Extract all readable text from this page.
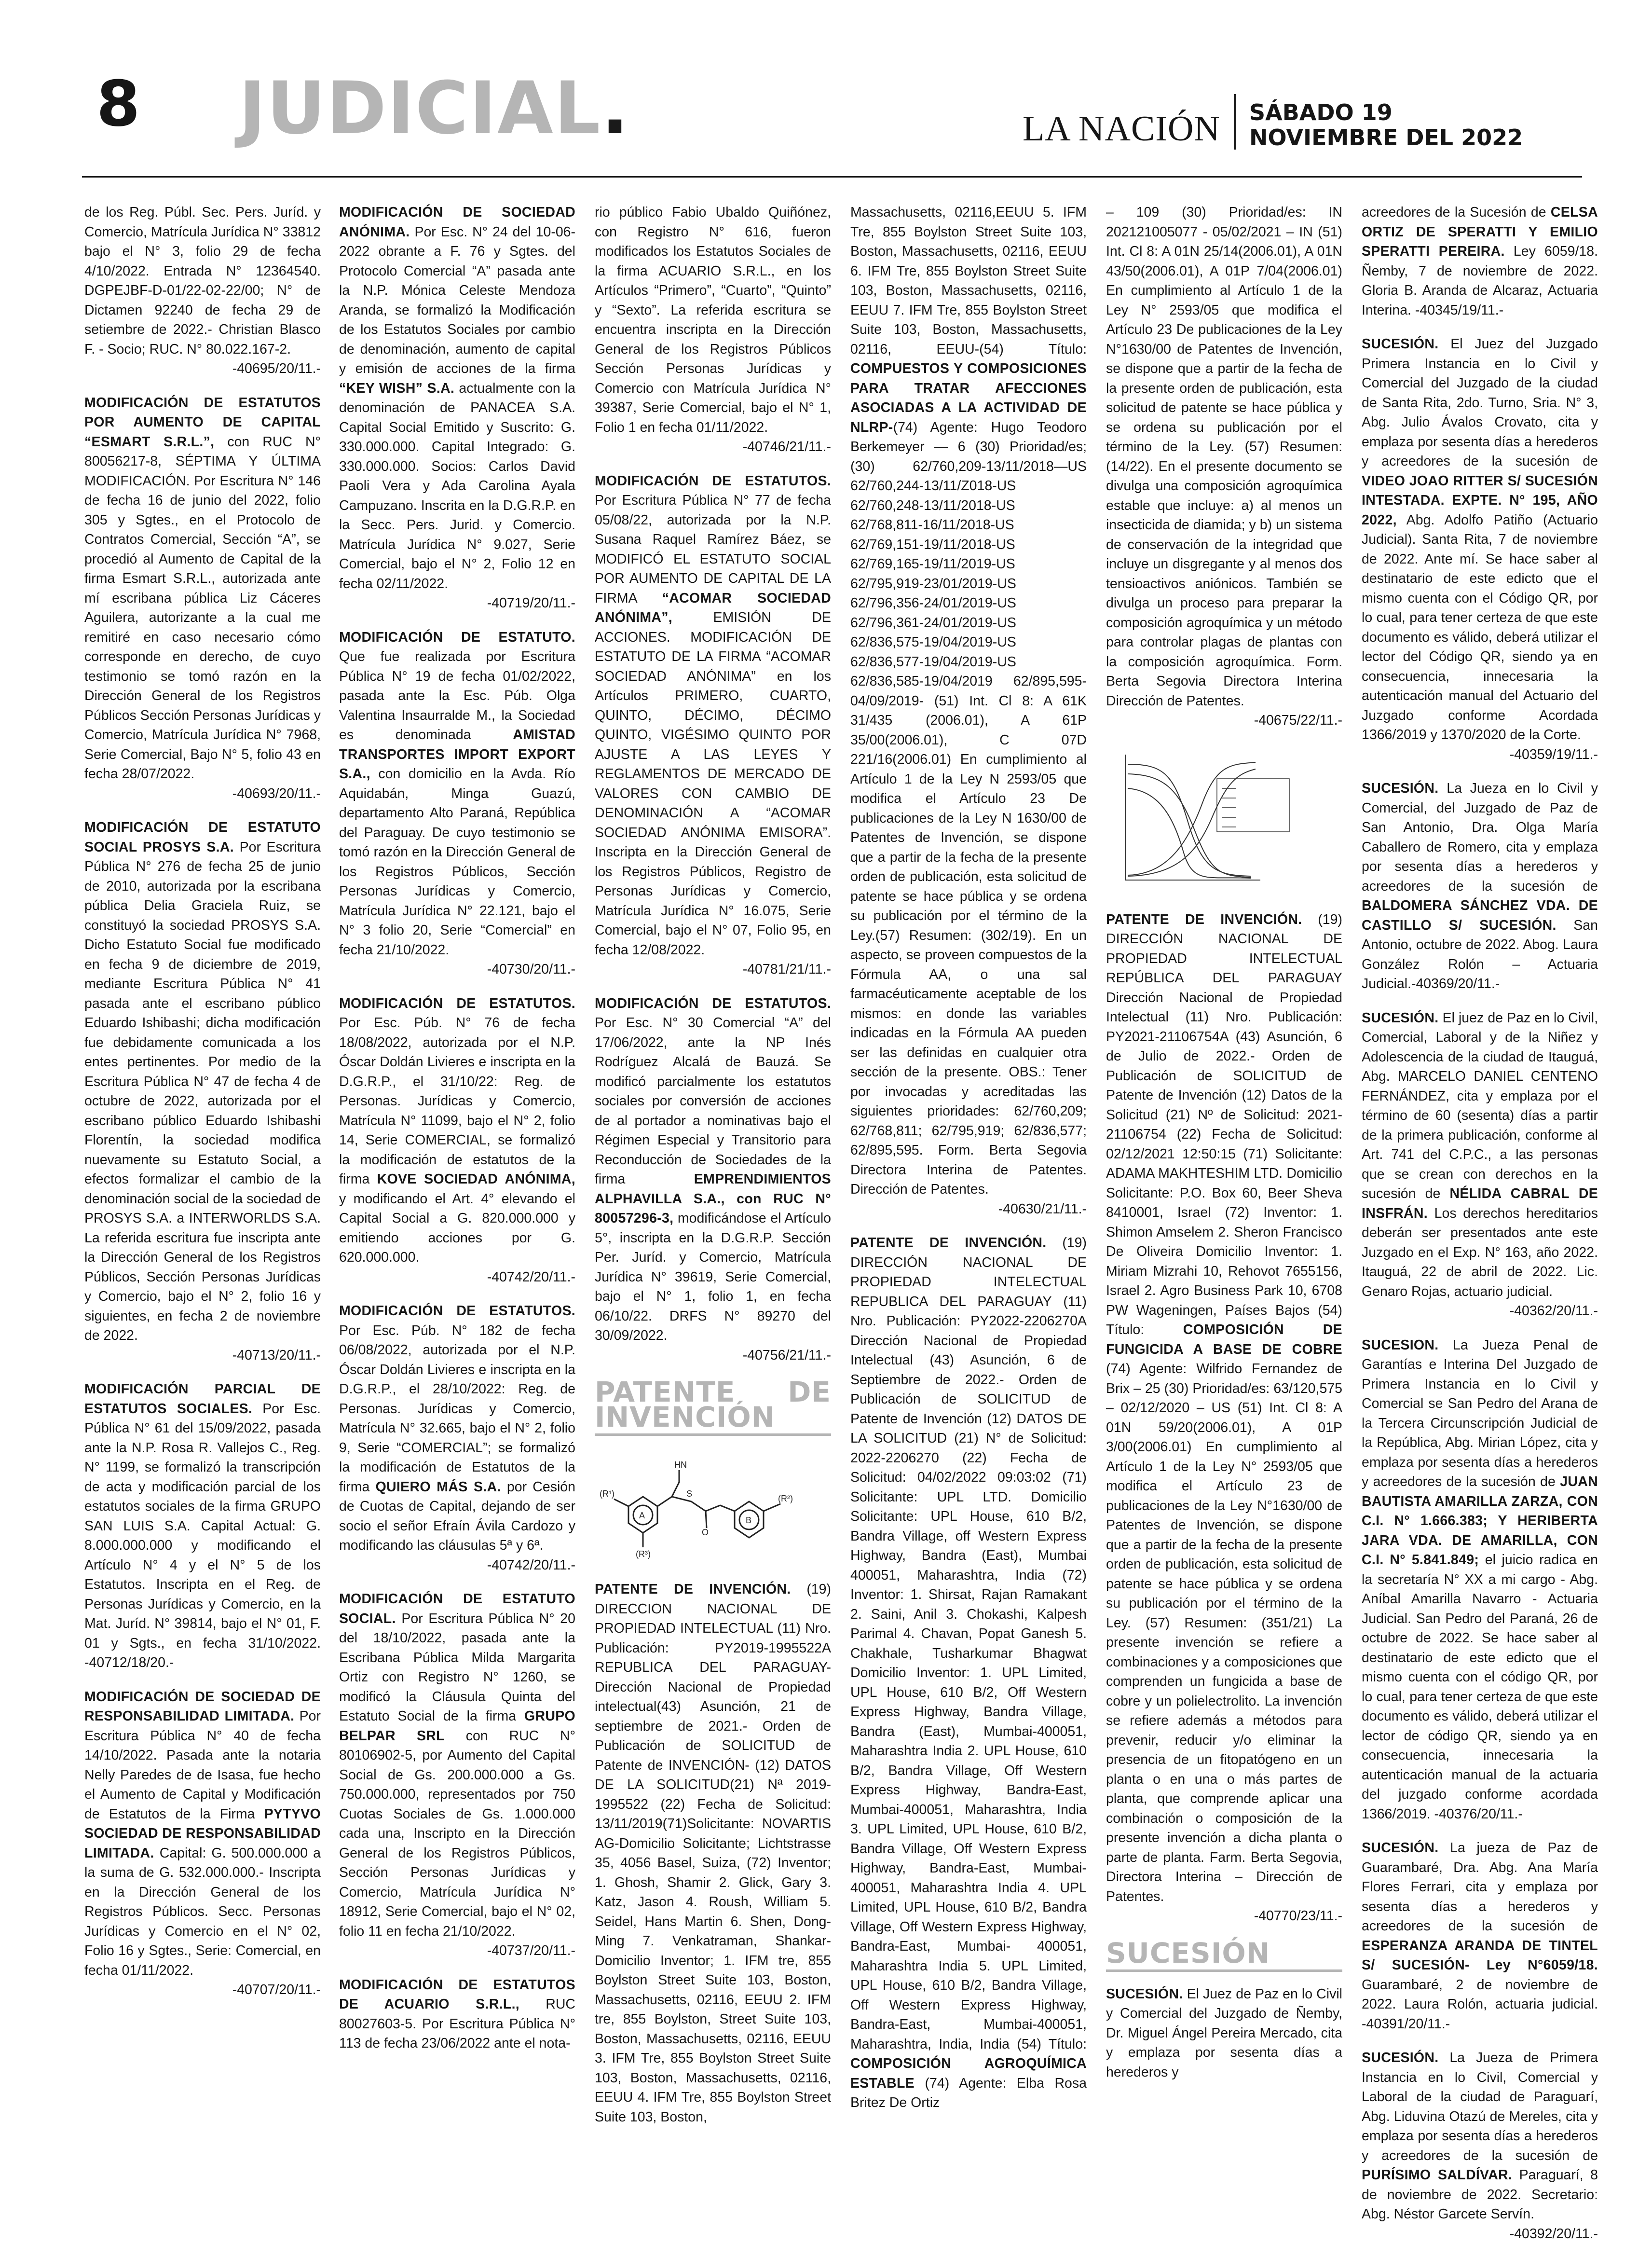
8 JUDICIAL.	LA NACIÓN SÁBADO 19
NOVIEMBRE DEL 2022

de los Reg. Públ. Sec. Pers. Juríd. y Comercio, Matrícula Jurídica N° 33812 bajo el N° 3, folio 29 de fecha 4/10/2022. Entrada N° 12364540. DGPEJBF-D-01/22-02-22/00; N° de Dictamen 92240 de fecha 29 de setiembre de 2022.- Christian Blasco F. - Socio; RUC. N° 80.022.167-2.
-40695/20/11.-

MODIFICACIÓN DE ESTATUTOS POR AUMENTO DE CAPITAL “ESMART S.R.L.”, con RUC N° 80056217-8, SÉPTIMA Y ÚLTIMA MODIFICACIÓN. Por Escritura N° 146 de fecha 16 de junio del 2022, folio 305 y Sgtes., en el Protocolo de Contratos Comercial, Sección “A”, se procedió al Aumento de Capital de la firma Esmart S.R.L., autorizada ante mí escribana pública Liz Cáceres Aguilera, autorizante a la cual me remitiré en caso necesario cómo corresponde en derecho, de cuyo testimonio se tomó razón en la Dirección General de los Registros Públicos Sección Personas Jurídicas y Comercio, Matrícula Jurídica N° 7968, Serie Comercial, Bajo N° 5, folio 43 en fecha 28/07/2022.
-40693/20/11.-

MODIFICACIÓN DE ESTATUTO SOCIAL PROSYS S.A. Por Escritura Pública N° 276 de fecha 25 de junio de 2010, autorizada por la escribana pública Delia Graciela Ruiz, se constituyó la sociedad PROSYS S.A. Dicho Estatuto Social fue modificado en fecha 9 de diciembre de 2019, mediante Escritura Pública N° 41 pasada ante el escribano público Eduardo Ishibashi; dicha modificación fue debidamente comunicada a los entes pertinentes. Por medio de la Escritura Pública N° 47 de fecha 4 de octubre de 2022, autorizada por el escribano público Eduardo Ishibashi Florentín, la sociedad modifica nuevamente su Estatuto Social, a efectos formalizar el cambio de la denominación social de la sociedad de PROSYS S.A. a INTERWORLDS S.A. La referida escritura fue inscripta ante la Dirección General de los Registros Públicos, Sección Personas Jurídicas y Comercio, bajo el N° 2, folio 16 y siguientes, en fecha 2 de noviembre de 2022.
-40713/20/11.-

MODIFICACIÓN PARCIAL DE ESTATUTOS SOCIALES. Por Esc. Pública N° 61 del 15/09/2022, pasada ante la N.P. Rosa R. Vallejos C., Reg. N° 1199, se formalizó la transcripción de acta y modificación parcial de los estatutos sociales de la firma GRUPO SAN LUIS S.A. Capital Actual: G. 8.000.000.000 y modificando el Artículo N° 4 y el N° 5 de los Estatutos. Inscripta en el Reg. de Personas Jurídicas y Comercio, en la Mat. Juríd. N° 39814, bajo el N° 01, F. 01 y Sgts., en fecha 31/10/2022. -40712/18/20.-

MODIFICACIÓN DE SOCIEDAD DE RESPONSABILIDAD LIMITADA. Por Escritura Pública N° 40 de fecha 14/10/2022. Pasada ante la notaria Nelly Paredes de de Isasa, fue hecho el Aumento de Capital y Modificación de Estatutos de la Firma PYTYVO SOCIEDAD DE RESPONSABILIDAD LIMITADA. Capital: G. 500.000.000 a la suma de G. 532.000.000.- Inscripta en la Dirección General de los Registros Públicos. Secc. Personas Jurídicas y Comercio en el N° 02, Folio 16 y Sgtes., Serie: Comercial, en fecha 01/11/2022.
-40707/20/11.-

MODIFICACIÓN DE SOCIEDAD ANÓNIMA. Por Esc. N° 24 del 10-06-2022 obrante a F. 76 y Sgtes. del Protocolo Comercial “A” pasada ante la N.P. Mónica Celeste Mendoza Aranda, se formalizó la Modificación de los Estatutos Sociales por cambio de denominación, aumento de capital y emisión de acciones de la firma “KEY WISH” S.A. actualmente con la denominación de PANACEA S.A. Capital Social Emitido y Suscrito: G. 330.000.000. Capital Integrado: G. 330.000.000. Socios: Carlos David Paoli Vera y Ada Carolina Ayala Campuzano. Inscrita en la D.G.R.P. en la Secc. Pers. Jurid. y Comercio. Matrícula Jurídica N° 9.027, Serie Comercial, bajo el N° 2, Folio 12 en fecha 02/11/2022.
-40719/20/11.-

MODIFICACIÓN DE ESTATUTO. Que fue realizada por Escritura Pública N° 19 de fecha 01/02/2022, pasada ante la Esc. Púb. Olga Valentina Insaurralde M., la Sociedad es denominada	AMISTAD TRANSPORTES IMPORT EXPORT S.A., con domicilio en la Avda. Río Aquidabán, Minga Guazú, departamento Alto Paraná, República del Paraguay. De cuyo testimonio se tomó razón en la Dirección General de los Registros Públicos, Sección Personas Jurídicas y Comercio, Matrícula Jurídica N° 22.121, bajo el N° 3 folio 20, Serie “Comercial” en fecha 21/10/2022.
-40730/20/11.-

MODIFICACIÓN DE ESTATUTOS. Por Esc. Púb. N° 76 de fecha 18/08/2022, autorizada por el N.P. Óscar Doldán Livieres e inscripta en la D.G.R.P., el 31/10/22: Reg. de Personas. Jurídicas y Comercio, Matrícula N° 11099, bajo el N° 2, folio 14, Serie COMERCIAL, se formalizó la modificación de estatutos de la firma KOVE SOCIEDAD ANÓNIMA, y modificando el Art. 4° elevando el Capital Social a G. 820.000.000 y emitiendo acciones por G. 620.000.000.
-40742/20/11.-

MODIFICACIÓN DE ESTATUTOS. Por Esc. Púb. N° 182 de fecha 06/08/2022, autorizada por el N.P. Óscar Doldán Livieres e inscripta en la D.G.R.P., el 28/10/2022: Reg. de Personas. Jurídicas y Comercio, Matrícula N° 32.665, bajo el N° 2, folio 9, Serie “COMERCIAL”; se formalizó la modificación de Estatutos de la firma QUIERO MÁS S.A. por Cesión de Cuotas de Capital, dejando de ser socio el señor Efraín Ávila Cardozo y modificando las cláusulas 5ª y 6ª.
-40742/20/11.-

MODIFICACIÓN DE ESTATUTO SOCIAL. Por Escritura Pública N° 20 del 18/10/2022, pasada ante la Escribana Pública Milda Margarita Ortiz con Registro N° 1260, se modificó la Cláusula Quinta del Estatuto Social de la firma GRUPO BELPAR SRL con RUC N° 80106902-5, por Aumento del Capital Social de Gs. 200.000.000 a Gs. 750.000.000, representados por 750 Cuotas Sociales de Gs. 1.000.000 cada una, Inscripto en la Dirección General de los Registros Públicos, Sección Personas Jurídicas y Comercio, Matrícula Jurídica N° 18912, Serie Comercial, bajo el N° 02, folio 11 en fecha 21/10/2022.
-40737/20/11.-

MODIFICACIÓN DE ESTATUTOS DE ACUARIO S.R.L., RUC 80027603-5. Por Escritura Pública N° 113 de fecha 23/06/2022 ante el nota-

rio público Fabio Ubaldo Quiñónez, con Registro N° 616, fueron modificados los Estatutos Sociales de la firma ACUARIO S.R.L., en los Artículos “Primero”, “Cuarto”, “Quinto” y “Sexto”. La referida escritura se encuentra inscripta en la Dirección General de los Registros Públicos Sección Personas Jurídicas y Comercio con Matrícula Jurídica N° 39387, Serie Comercial, bajo el N° 1, Folio 1 en fecha 01/11/2022.
-40746/21/11.-

MODIFICACIÓN DE ESTATUTOS. Por Escritura Pública N° 77 de fecha 05/08/22, autorizada por la N.P. Susana Raquel Ramírez Báez, se MODIFICÓ EL ESTATUTO SOCIAL POR AUMENTO DE CAPITAL DE LA FIRMA “ACOMAR SOCIEDAD ANÓNIMA”,	EMISIÓN DE ACCIONES. MODIFICACIÓN DE ESTATUTO DE LA FIRMA “ACOMAR SOCIEDAD ANÓNIMA” en los Artículos PRIMERO, CUARTO, QUINTO, DÉCIMO, DÉCIMO QUINTO, VIGÉSIMO QUINTO POR AJUSTE A LAS LEYES Y REGLAMENTOS DE MERCADO DE VALORES CON CAMBIO DE DENOMINACIÓN A “ACOMAR SOCIEDAD ANÓNIMA EMISORA”. Inscripta en la Dirección General de los Registros Públicos, Registro de Personas Jurídicas y Comercio, Matrícula Jurídica N° 16.075, Serie Comercial, bajo el N° 07, Folio 95, en fecha 12/08/2022.
-40781/21/11.-

MODIFICACIÓN DE ESTATUTOS. Por Esc. N° 30 Comercial “A” del 17/06/2022, ante la NP Inés Rodríguez Alcalá de Bauzá. Se modificó parcialmente los estatutos sociales por conversión de acciones de al portador a nominativas bajo el Régimen Especial y Transitorio para Reconducción de Sociedades de la firma	EMPRENDIMIENTOS ALPHAVILLA S.A., con RUC N° 80057296-3, modificándose el Artículo 5°, inscripta en la D.G.R.P. Sección Per. Juríd. y Comercio, Matrícula Jurídica N° 39619, Serie Comercial, bajo el N° 1, folio 1, en fecha 06/10/22. DRFS N° 89270 del 30/09/2022.
-40756/21/11.-

PATENTE DE INVENCIÓN
A	B
HN
S
O
(R¹)	(R²)
(R³)

PATENTE DE INVENCIÓN. (19) DIRECCION NACIONAL DE PROPIEDAD INTELECTUAL (11) Nro. Publicación: PY2019-1995522A REPUBLICA DEL PARAGUAY-Dirección Nacional de Propiedad intelectual(43) Asunción, 21 de septiembre de 2021.- Orden de Publicación de SOLICITUD de Patente de INVENCIÓN- (12) DATOS DE LA SOLICITUD(21) Nª 2019-1995522 (22) Fecha de Solicitud: 13/11/2019(71)Solicitante: NOVARTIS AG-Domicilio Solicitante; Lichtstrasse 35, 4056 Basel, Suiza, (72) Inventor; 1. Ghosh, Shamir 2. Glick, Gary 3. Katz, Jason 4. Roush, William 5. Seidel, Hans Martin 6. Shen, Dong-Ming 7. Venkatraman, Shankar- Domicilio Inventor; 1. IFM tre, 855 Boylston Street Suite 103, Boston, Massachusetts, 02116, EEUU 2. IFM tre, 855 Boylston, Street Suite 103, Boston, Massachusetts, 02116, EEUU 3. IFM Tre, 855 Boylston Street Suite 103, Boston, Massachusetts, 02116, EEUU 4. IFM Tre, 855 Boylston Street Suite 103, Boston,

Massachusetts, 02116,EEUU 5. IFM Tre, 855 Boylston Street Suite 103, Boston, Massachusetts, 02116, EEUU 6. IFM Tre, 855 Boylston Street Suite 103, Boston, Massachusetts, 02116, EEUU 7. IFM Tre, 855 Boylston Street Suite 103, Boston, Massachusetts, 02116, EEUU-(54) Título: COMPUESTOS Y COMPOSICIONES PARA TRATAR AFECCIONES ASOCIADAS A LA ACTIVIDAD DE NLRP-(74) Agente: Hugo Teodoro Berkemeyer — 6 (30) Prioridad/es;(30) 62/760,209-13/11/2018—US 62/760,244-13/11/Z018-US 62/760,248-13/11/2018-US 62/768,811-16/11/2018-US 62/769,151-19/11/2018-US 62/769,165-19/11/2019-US 62/795,919-23/01/2019-US 62/796,356-24/01/2019-US 62/796,361-24/01/2019-US 62/836,575-19/04/2019-US 62/836,577-19/04/2019-US 62/836,585-19/04/2019 62/895,595-04/09/2019- (51) Int. Cl 8: A 61K 31/435 (2006.01), A 61P 35/00(2006.01), C 07D 221/16(2006.01) En cumplimiento al Artículo 1 de la Ley N 2593/05 que modifica el Artículo 23 De publicaciones de la Ley N 1630/00 de Patentes de Invención, se dispone que a partir de la fecha de la presente orden de publicación, esta solicitud de patente se hace pública y se ordena su publicación por el término de la Ley.(57) Resumen: (302/19). En un aspecto, se proveen compuestos de la Fórmula AA, o una sal farmacéuticamente aceptable de los mismos: en donde las variables indicadas en la Fórmula AA pueden ser las definidas en cualquier otra sección de la presente. OBS.: Tener por invocadas y acreditadas las siguientes prioridades: 62/760,209; 62/768,811; 62/795,919; 62/836,577; 62/895,595. Form. Berta Segovia Directora Interina de Patentes. Dirección de Patentes.
-40630/21/11.-

PATENTE DE INVENCIÓN. (19) DIRECCIÓN NACIONAL DE PROPIEDAD INTELECTUAL REPUBLICA DEL PARAGUAY (11) Nro. Publicación: PY2022-2206270A Dirección Nacional de Propiedad Intelectual (43) Asunción, 6 de Septiembre de 2022.- Orden de Publicación de SOLICITUD de Patente de Invención (12) DATOS DE LA SOLICITUD (21) N° de Solicitud: 2022-2206270 (22) Fecha de Solicitud: 04/02/2022 09:03:02 (71) Solicitante: UPL LTD. Domicilio Solicitante: UPL House, 610 B/2, Bandra Village, off Western Express Highway, Bandra (East), Mumbai 400051, Maharashtra, India (72) Inventor: 1. Shirsat, Rajan Ramakant 2. Saini, Anil 3. Chokashi, Kalpesh Parimal 4. Chavan, Popat Ganesh 5. Chakhale, Tusharkumar Bhagwat Domicilio Inventor: 1. UPL Limited, UPL House, 610 B/2, Off Western Express Highway, Bandra Village, Bandra (East), Mumbai-400051, Maharashtra India 2. UPL House, 610 B/2, Bandra Village, Off Western Express Highway, Bandra-East, Mumbai-400051, Maharashtra, India 3. UPL Limited, UPL House, 610 B/2, Bandra Village, Off Western Express Highway, Bandra-East, Mumbai- 400051, Maharashtra India 4. UPL Limited, UPL House, 610 B/2, Bandra Village, Off Western Express Highway, Bandra-East, Mumbai- 400051, Maharashtra India 5. UPL Limited, UPL House, 610 B/2, Bandra Village, Off Western Express Highway, Bandra-East, Mumbai-400051, Maharashtra, India, India (54) Título: COMPOSICIÓN AGROQUÍMICA ESTABLE (74) Agente: Elba Rosa Britez De Ortiz

– 109 (30) Prioridad/es: IN 202121005077 - 05/02/2021 – IN (51) Int. Cl 8: A 01N 25/14(2006.01), A 01N 43/50(2006.01), A 01P 7/04(2006.01) En cumplimiento al Artículo 1 de la Ley N° 2593/05 que modifica el Artículo 23 De publicaciones de la Ley N°1630/00 de Patentes de Invención, se dispone que a partir de la fecha de la presente orden de publicación, esta solicitud de patente se hace pública y se ordena su publicación por el término de la Ley. (57) Resumen: (14/22). En el presente documento se divulga una composición agroquímica estable que incluye: a) al menos un insecticida de diamida; y b) un sistema de conservación de la integridad que incluye un disgregante y al menos dos tensioactivos aniónicos. También se divulga un proceso para preparar la composición agroquímica y un método para controlar plagas de plantas con la composición agroquímica. Form. Berta Segovia Directora Interina Dirección de Patentes.
-40675/22/11.-

PATENTE DE INVENCIÓN. (19) DIRECCIÓN NACIONAL DE PROPIEDAD INTELECTUAL REPÚBLICA DEL PARAGUAY Dirección Nacional de Propiedad Intelectual (11) Nro. Publicación: PY2021-21106754A (43) Asunción, 6 de Julio de 2022.- Orden de Publicación de SOLICITUD de Patente de Invención (12) Datos de la Solicitud (21) Nº de Solicitud: 2021-21106754 (22) Fecha de Solicitud: 02/12/2021 12:50:15 (71) Solicitante: ADAMA MAKHTESHIM LTD. Domicilio Solicitante: P.O. Box 60, Beer Sheva 8410001, Israel (72) Inventor: 1. Shimon Amselem 2. Sheron Francisco De Oliveira Domicilio Inventor: 1. Miriam Mizrahi 10, Rehovot 7655156, Israel 2. Agro Business Park 10, 6708 PW Wageningen, Países Bajos (54) Título:	COMPOSICIÓN DE FUNGICIDA A BASE DE COBRE (74) Agente: Wilfrido Fernandez de Brix – 25 (30) Prioridad/es: 63/120,575 – 02/12/2020 – US (51) Int. Cl 8: A 01N 59/20(2006.01), A 01P 3/00(2006.01) En cumplimiento al Artículo 1 de la Ley N° 2593/05 que modifica el Artículo 23 de publicaciones de la Ley N°1630/00 de Patentes de Invención, se dispone que a partir de la fecha de la presente orden de publicación, esta solicitud de patente se hace pública y se ordena su publicación por el término de la Ley. (57) Resumen: (351/21) La presente invención se refiere a combinaciones y a composiciones que comprenden un fungicida a base de cobre y un polielectrolito. La invención se refiere además a métodos para prevenir, reducir y/o eliminar la presencia de un fitopatógeno en un planta o en una o más partes de planta, que comprende aplicar una combinación o composición de la presente invención a dicha planta o parte de planta. Farm. Berta Segovia, Directora Interina – Dirección de Patentes.
-40770/23/11.-

SUCESIÓN

SUCESIÓN. El Juez de Paz en lo Civil y Comercial del Juzgado de Ñemby, Dr. Miguel Ángel Pereira Mercado, cita y emplaza por sesenta días a herederos y

acreedores de la Sucesión de CELSA ORTIZ DE SPERATTI Y EMILIO SPERATTI PEREIRA. Ley 6059/18. Ñemby, 7 de noviembre de 2022. Gloria B. Aranda de Alcaraz, Actuaria Interina. -40345/19/11.-

SUCESIÓN. El Juez del Juzgado Primera Instancia en lo Civil y Comercial del Juzgado de la ciudad de Santa Rita, 2do. Turno, Sria. N° 3, Abg. Julio Ávalos Crovato, cita y emplaza por sesenta días a herederos y acreedores de la sucesión de VIDEO JOAO RITTER S/ SUCESIÓN INTESTADA. EXPTE. N° 195, AÑO 2022, Abg. Adolfo Patiño (Actuario Judicial). Santa Rita, 7 de noviembre de 2022. Ante mí. Se hace saber al destinatario de este edicto que el mismo cuenta con el Código QR, por lo cual, para tener certeza de que este documento es válido, deberá utilizar el lector del Código QR, siendo ya en consecuencia, innecesaria la autenticación manual del Actuario del Juzgado conforme Acordada 1366/2019 y 1370/2020 de la Corte.
-40359/19/11.-

SUCESIÓN. La Jueza en lo Civil y Comercial, del Juzgado de Paz de San Antonio, Dra. Olga María Caballero de Romero, cita y emplaza por sesenta días a herederos y acreedores de la sucesión de BALDOMERA SÁNCHEZ VDA. DE CASTILLO S/ SUCESIÓN. San Antonio, octubre de 2022. Abog. Laura González Rolón – Actuaria Judicial.-40369/20/11.-

SUCESIÓN. El juez de Paz en lo Civil, Comercial, Laboral y de la Niñez y Adolescencia de la ciudad de Itauguá, Abg. MARCELO DANIEL CENTENO FERNÁNDEZ, cita y emplaza por el término de 60 (sesenta) días a partir de la primera publicación, conforme al Art. 741 del C.P.C., a las personas que se crean con derechos en la sucesión de NÉLIDA CABRAL DE INSFRÁN. Los derechos hereditarios deberán ser presentados ante este Juzgado en el Exp. N° 163, año 2022. Itauguá, 22 de abril de 2022. Lic. Genaro Rojas, actuario judicial.
-40362/20/11.-

SUCESION. La Jueza Penal de Garantías e Interina Del Juzgado de Primera Instancia en lo Civil y Comercial se San Pedro del Arana de la Tercera Circunscripción Judicial de la República, Abg. Mirian López, cita y emplaza por sesenta días a herederos y acreedores de la sucesión de JUAN BAUTISTA AMARILLA ZARZA, CON C.I. N° 1.666.383; Y HERIBERTA JARA VDA. DE AMARILLA, CON C.I. N° 5.841.849; el juicio radica en la secretaría N° XX a mi cargo - Abg. Aníbal Amarilla Navarro - Actuaria Judicial. San Pedro del Paraná, 26 de octubre de 2022. Se hace saber al destinatario de este edicto que el mismo cuenta con el código QR, por lo cual, para tener certeza de que este documento es válido, deberá utilizar el lector de código QR, siendo ya en consecuencia, innecesaria la autenticación manual de la actuaria del juzgado conforme acordada 1366/2019. -40376/20/11.-

SUCESIÓN. La jueza de Paz de Guarambaré, Dra. Abg. Ana María Flores Ferrari, cita y emplaza por sesenta días a herederos y acreedores de la sucesión de ESPERANZA ARANDA DE TINTEL S/ SUCESIÓN- Ley N°6059/18. Guarambaré, 2 de noviembre de 2022. Laura Rolón, actuaria judicial. -40391/20/11.-

SUCESIÓN. La Jueza de Primera Instancia en lo Civil, Comercial y Laboral de la ciudad de Paraguarí, Abg. Liduvina Otazú de Mereles, cita y emplaza por sesenta días a herederos y acreedores de la sucesión de PURÍSIMO SALDÍVAR. Paraguarí, 8 de noviembre de 2022. Secretario: Abg. Néstor Garcete Servín.
-40392/20/11.-
